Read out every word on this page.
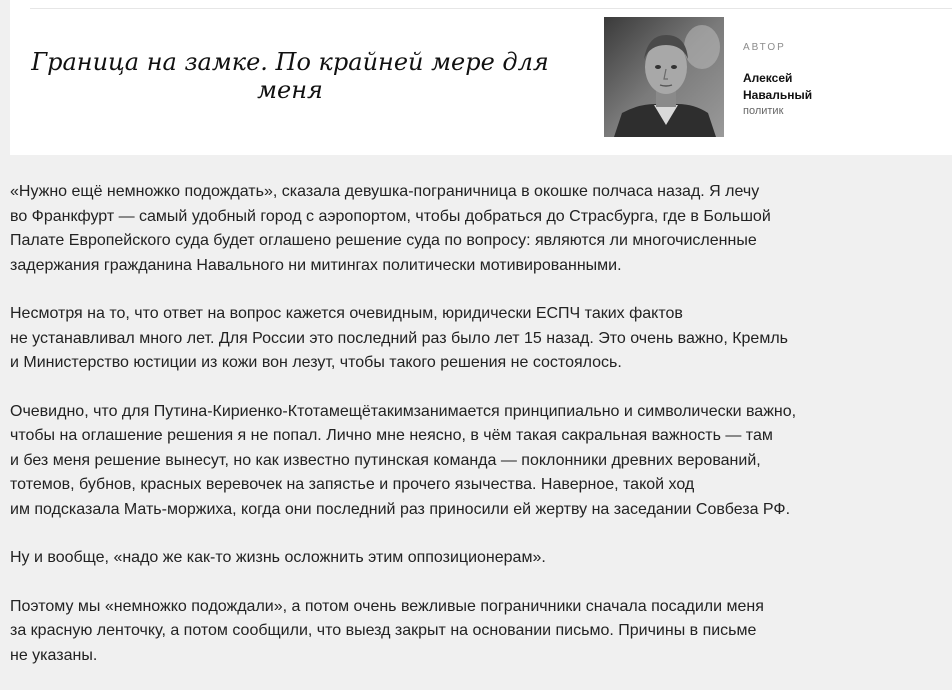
Граница на замке. По крайней мере для меня
АВТОР
Алексей Навальный
политик

«Нужно ещё немножко подождать», сказала девушка-пограничница в окошке полчаса назад. Я лечу
во Франкфурт — самый удобный город с аэропортом, чтобы добраться до Страсбурга, где в Большой
Палате Европейского суда будет оглашено решение суда по вопросу: являются ли многочисленные
задержания гражданина Навального ни митингах политически мотивированными.

Несмотря на то, что ответ на вопрос кажется очевидным, юридически ЕСПЧ таких фактов
не устанавливал много лет. Для России это последний раз было лет 15 назад. Это очень важно, Кремль
и Министерство юстиции из кожи вон лезут, чтобы такого решения не состоялось.

Очевидно, что для Путина-Кириенко-Ктотамещётакимзанимается принципиально и символически важно,
чтобы на оглашение решения я не попал. Лично мне неясно, в чём такая сакральная важность — там
и без меня решение вынесут, но как известно путинская команда — поклонники древних верований,
тотемов, бубнов, красных веревочек на запястье и прочего язычества. Наверное, такой ход
им подсказала Мать-моржиха, когда они последний раз приносили ей жертву на заседании Совбеза РФ.

Ну и вообще, «надо же как-то жизнь осложнить этим оппозиционерам».

Поэтому мы «немножко подождали», а потом очень вежливые пограничники сначала посадили меня
за красную ленточку, а потом сообщили, что выезд закрыт на основании письмо. Причины в письме
не указаны.
